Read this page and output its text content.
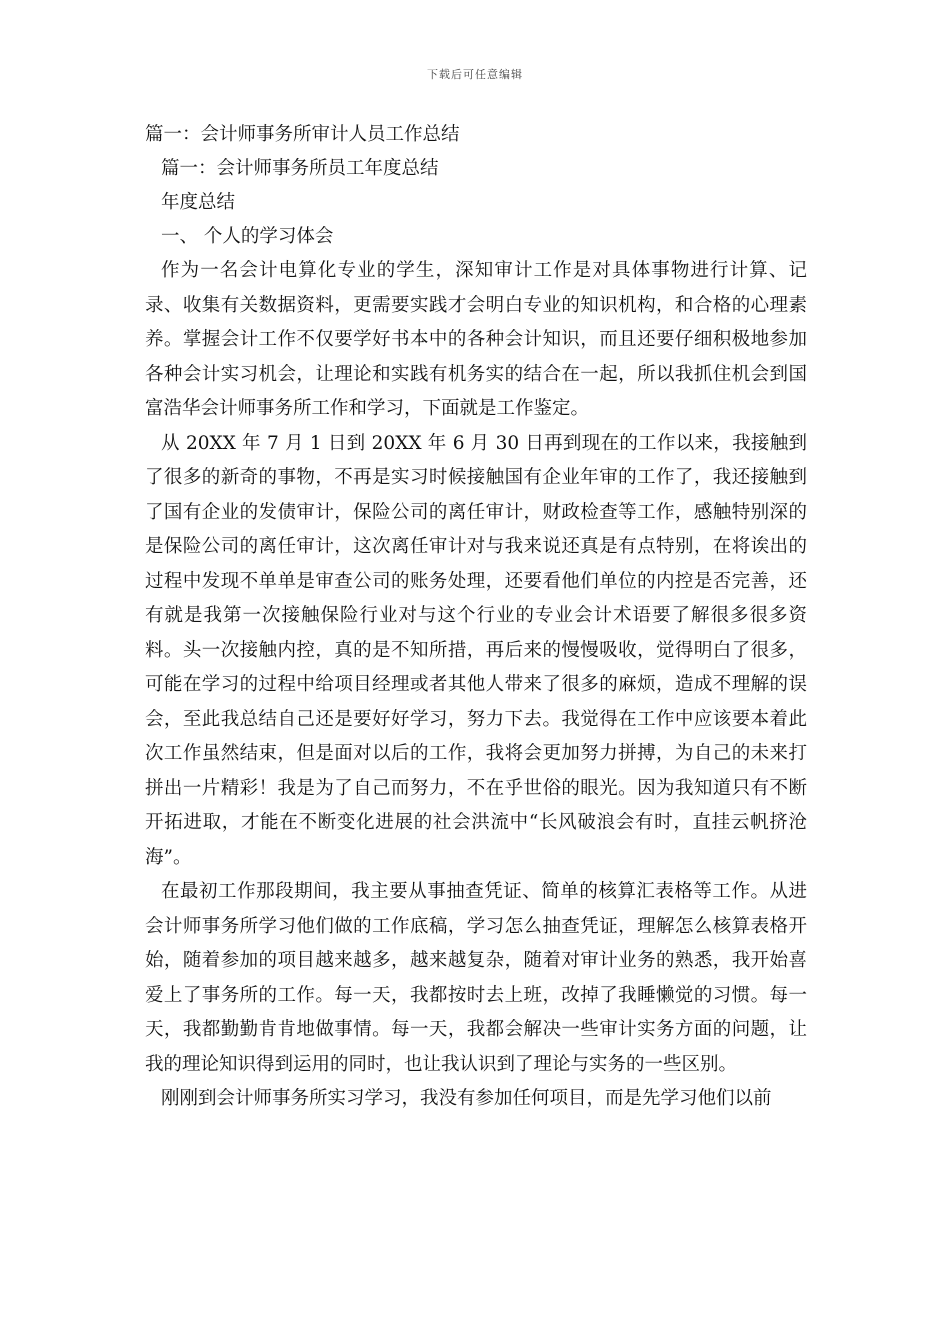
下载后可任意编辑

篇一：会计师事务所审计人员工作总结

篇一：会计师事务所员工年度总结

年度总结

一、 个人的学习体会

作为一名会计电算化专业的学生，深知审计工作是对具体事物进行计算、记录、收集有关数据资料，更需要实践才会明白专业的知识机构，和合格的心理素养。掌握会计工作不仅要学好书本中的各种会计知识，而且还要仔细积极地参加各种会计实习机会，让理论和实践有机务实的结合在一起，所以我抓住机会到国富浩华会计师事务所工作和学习，下面就是工作鉴定。

从 20XX 年 7 月 1 日到 20XX 年 6 月 30 日再到现在的工作以来，我接触到了很多的新奇的事物，不再是实习时候接触国有企业年审的工作了，我还接触到了国有企业的发债审计，保险公司的离任审计，财政检查等工作，感触特别深的是保险公司的离任审计，这次离任审计对与我来说还真是有点特别，在将诶出的过程中发现不单单是审查公司的账务处理，还要看他们单位的内控是否完善，还有就是我第一次接触保险行业对与这个行业的专业会计术语要了解很多很多资料。头一次接触内控，真的是不知所措，再后来的慢慢吸收，觉得明白了很多，可能在学习的过程中给项目经理或者其他人带来了很多的麻烦，造成不理解的误会，至此我总结自己还是要好好学习，努力下去。我觉得在工作中应该要本着此次工作虽然结束，但是面对以后的工作，我将会更加努力拼搏，为自己的未来打拼出一片精彩！我是为了自己而努力，不在乎世俗的眼光。因为我知道只有不断开拓进取，才能在不断变化进展的社会洪流中“长风破浪会有时，直挂云帆挤沧海”。

在最初工作那段期间，我主要从事抽查凭证、简单的核算汇表格等工作。从进会计师事务所学习他们做的工作底稿，学习怎么抽查凭证，理解怎么核算表格开始，随着参加的项目越来越多，越来越复杂，随着对审计业务的熟悉，我开始喜爱上了事务所的工作。每一天，我都按时去上班，改掉了我睡懒觉的习惯。每一天，我都勤勤肯肯地做事情。每一天，我都会解决一些审计实务方面的问题，让我的理论知识得到运用的同时，也让我认识到了理论与实务的一些区别。

刚刚到会计师事务所实习学习，我没有参加任何项目，而是先学习他们以前
